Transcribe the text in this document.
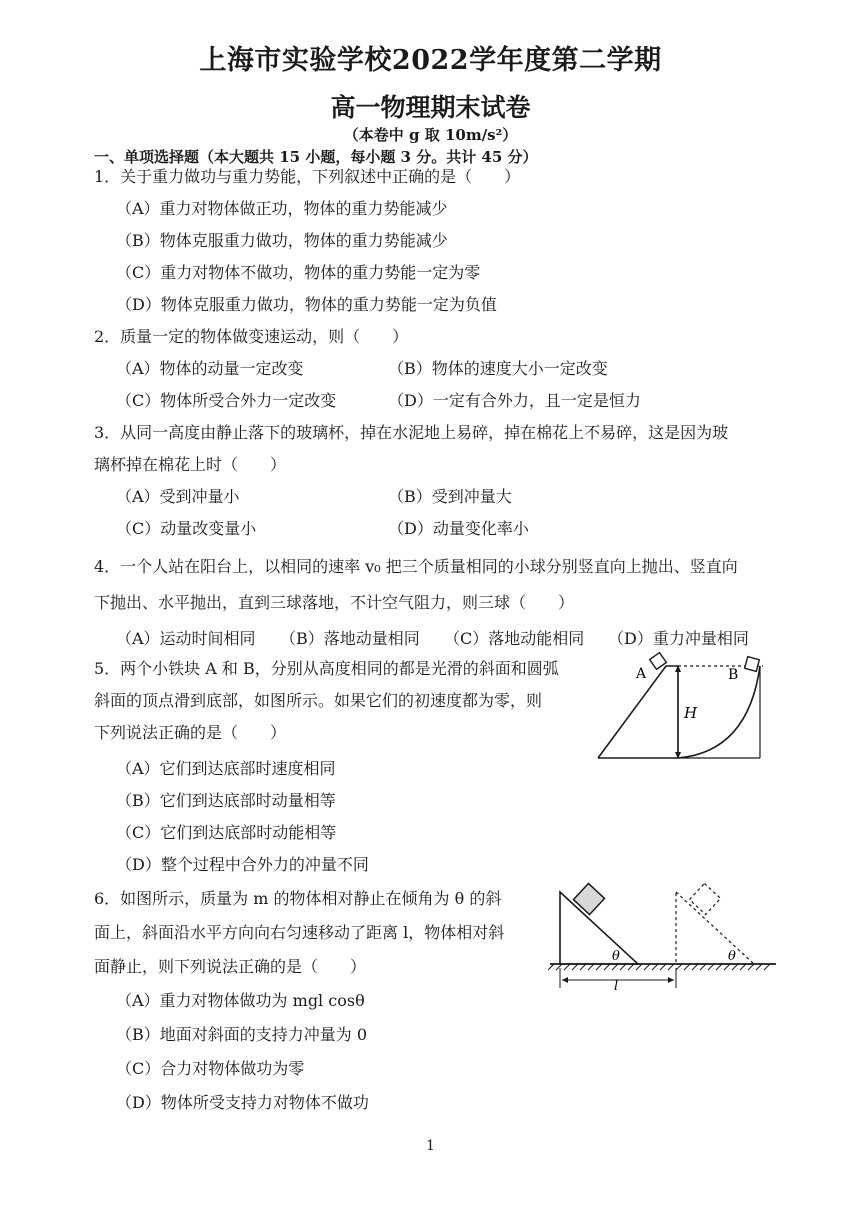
上海市实验学校2022学年度第二学期
高一物理期末试卷
（本卷中 g 取 10m/s²）
一、单项选择题（本大题共 15 小题，每小题 3 分。共计 45 分）
1．关于重力做功与重力势能，下列叙述中正确的是（　　）
（A）重力对物体做正功，物体的重力势能减少
（B）物体克服重力做功，物体的重力势能减少
（C）重力对物体不做功，物体的重力势能一定为零
（D）物体克服重力做功，物体的重力势能一定为负值
2．质量一定的物体做变速运动，则（　　）
（A）物体的动量一定改变	（B）物体的速度大小一定改变
（C）物体所受合外力一定改变	（D）一定有合外力，且一定是恒力
3．从同一高度由静止落下的玻璃杯，掉在水泥地上易碎，掉在棉花上不易碎，这是因为玻
璃杯掉在棉花上时（　　）
（A）受到冲量小	（B）受到冲量大
（C）动量改变量小	（D）动量变化率小
4．一个人站在阳台上，以相同的速率 v₀ 把三个质量相同的小球分别竖直向上抛出、竖直向
下抛出、水平抛出，直到三球落地，不计空气阻力，则三球（　　）
（A）运动时间相同 （B）落地动量相同 （C）落地动能相同 （D）重力冲量相同
5．两个小铁块 A 和 B，分别从高度相同的都是光滑的斜面和圆弧
斜面的顶点滑到底部，如图所示。如果它们的初速度都为零，则
下列说法正确的是（　　）
（A）它们到达底部时速度相同
（B）它们到达底部时动量相等
（C）它们到达底部时动能相等
（D）整个过程中合外力的冲量不同
A
H
B
6．如图所示，质量为 m 的物体相对静止在倾角为 θ 的斜
面上，斜面沿水平方向向右匀速移动了距离 l，物体相对斜
面静止，则下列说法正确的是（　　）
（A）重力对物体做功为 mgl cosθ
（B）地面对斜面的支持力冲量为 0
（C）合力对物体做功为零
（D）物体所受支持力对物体不做功
θ	θ
l
1
